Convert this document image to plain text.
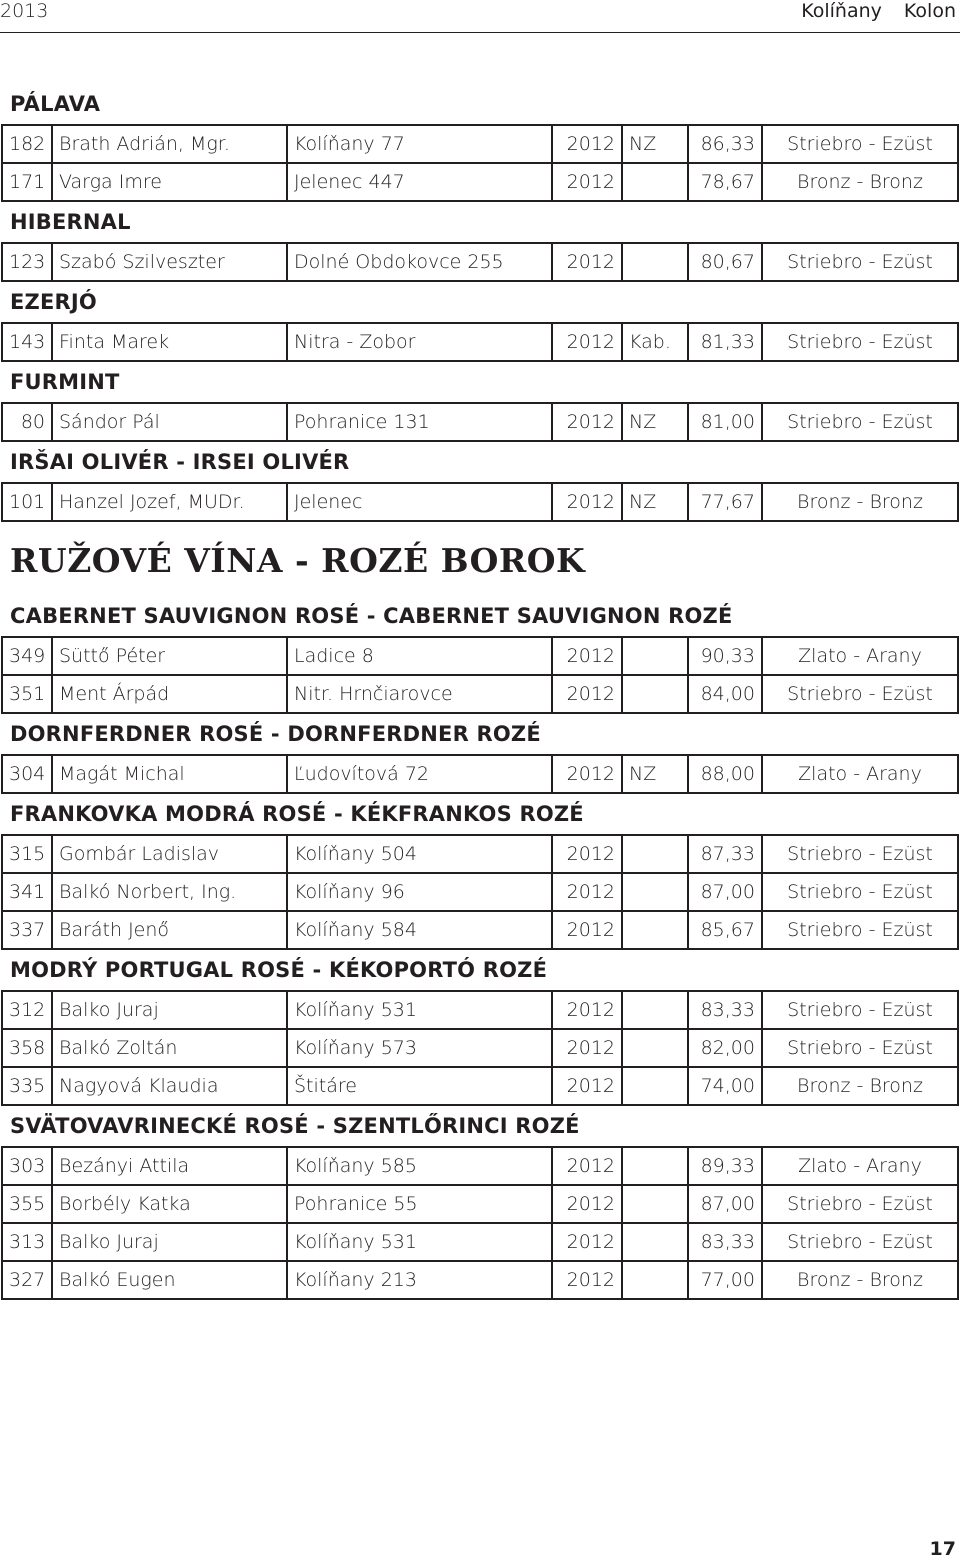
2013	Kolíňany Kolon
PÁLAVA
182	Brath Adrián, Mgr.	Kolíňany 77	2012	NZ	86,33	Striebro - Ezüst
171	Varga Imre	Jelenec 447	2012		78,67	Bronz - Bronz
HIBERNAL
123	Szabó Szilveszter	Dolné Obdokovce 255	2012		80,67	Striebro - Ezüst
EZERJÓ
143	Finta Marek	Nitra - Zobor	2012	Kab.	81,33	Striebro - Ezüst
FURMINT
80	Sándor Pál	Pohranice 131	2012	NZ	81,00	Striebro - Ezüst
IRŠAI OLIVÉR - IRSEI OLIVÉR
101	Hanzel Jozef, MUDr.	Jelenec	2012	NZ	77,67	Bronz - Bronz
RUŽOVÉ VÍNA - ROZÉ BOROK
CABERNET SAUVIGNON ROSÉ - CABERNET SAUVIGNON ROZÉ
349	Süttő Péter	Ladice 8	2012		90,33	Zlato - Arany
351	Ment Árpád	Nitr. Hrnčiarovce	2012		84,00	Striebro - Ezüst
DORNFERDNER ROSÉ - DORNFERDNER ROZÉ
304	Magát Michal	Ľudovítová 72	2012	NZ	88,00	Zlato - Arany
FRANKOVKA MODRÁ ROSÉ - KÉKFRANKOS ROZÉ
315	Gombár Ladislav	Kolíňany 504	2012		87,33	Striebro - Ezüst
341	Balkó Norbert, Ing.	Kolíňany 96	2012		87,00	Striebro - Ezüst
337	Baráth Jenő	Kolíňany 584	2012		85,67	Striebro - Ezüst
MODRÝ PORTUGAL ROSÉ - KÉKOPORTÓ ROZÉ
312	Balko Juraj	Kolíňany 531	2012		83,33	Striebro - Ezüst
358	Balkó Zoltán	Kolíňany 573	2012		82,00	Striebro - Ezüst
335	Nagyová Klaudia	Štitáre	2012		74,00	Bronz - Bronz
SVÄTOVAVRINECKÉ ROSÉ - SZENTLŐRINCI ROZÉ
303	Bezányi Attila	Kolíňany 585	2012		89,33	Zlato - Arany
355	Borbély Katka	Pohranice 55	2012		87,00	Striebro - Ezüst
313	Balko Juraj	Kolíňany 531	2012		83,33	Striebro - Ezüst
327	Balkó Eugen	Kolíňany 213	2012		77,00	Bronz - Bronz
17
